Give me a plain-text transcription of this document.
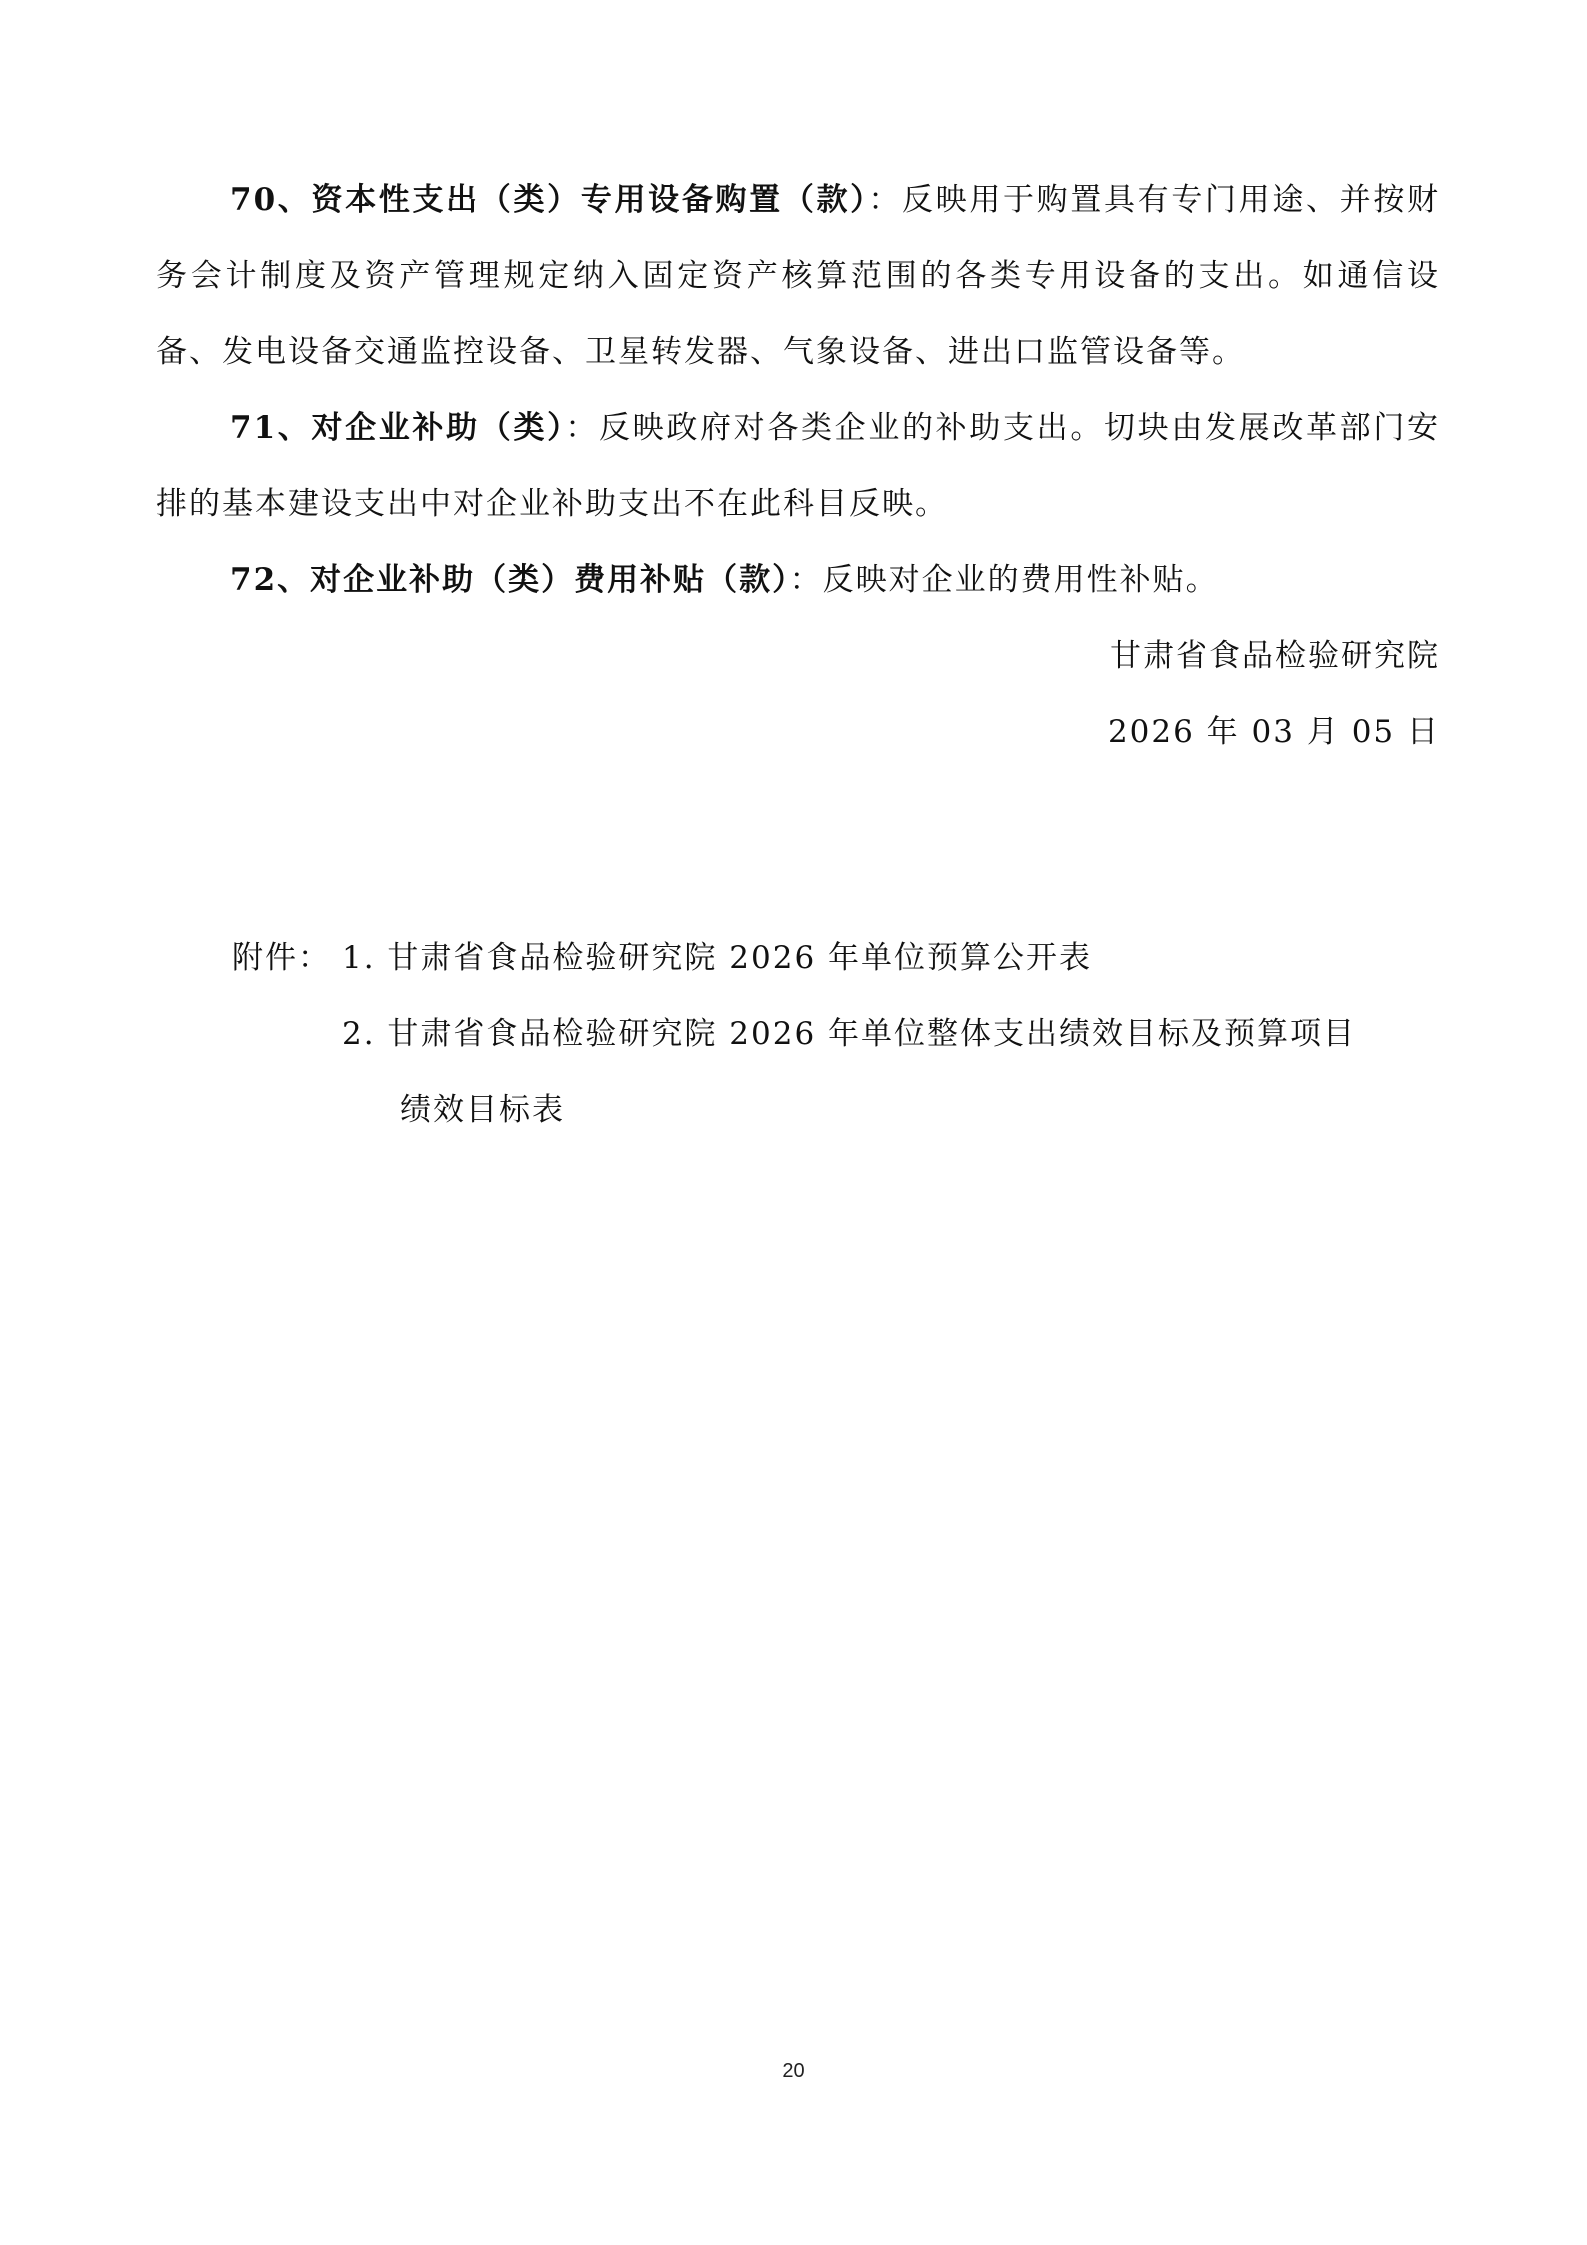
70、资本性支出（类）专用设备购置（款）：反映用于购置具有专门用途、并按财务会计制度及资产管理规定纳入固定资产核算范围的各类专用设备的支出。如通信设备、发电设备交通监控设备、卫星转发器、气象设备、进出口监管设备等。

71、对企业补助（类）：反映政府对各类企业的补助支出。切块由发展改革部门安排的基本建设支出中对企业补助支出不在此科目反映。

72、对企业补助（类）费用补贴（款）：反映对企业的费用性补贴。

甘肃省食品检验研究院

2026 年 03 月 05 日

附件： 1. 甘肃省食品检验研究院 2026 年单位预算公开表

2. 甘肃省食品检验研究院 2026 年单位整体支出绩效目标及预算项目

绩效目标表

20
